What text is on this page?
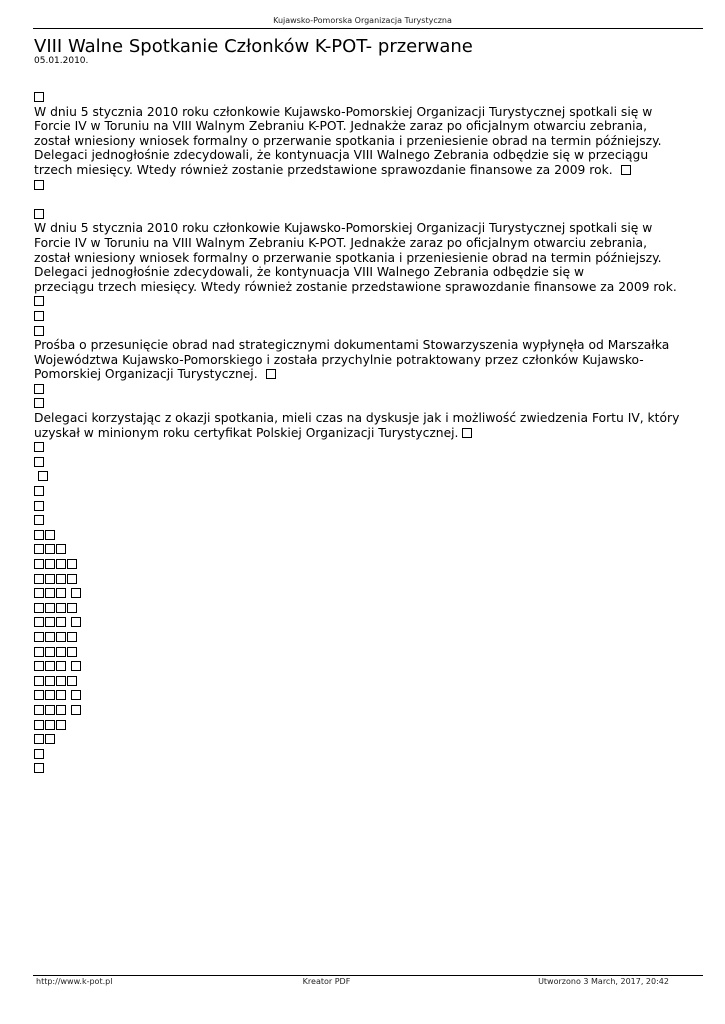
Kujawsko-Pomorska Organizacja Turystyczna
VIII Walne Spotkanie Członków K-POT- przerwane
05.01.2010.
W dniu 5 stycznia 2010 roku członkowie Kujawsko-Pomorskiej Organizacji Turystycznej spotkali się w
Forcie IV w Toruniu na VIII Walnym Zebraniu K-POT. Jednakże zaraz po oficjalnym otwarciu zebrania,
został wniesiony wniosek formalny o przerwanie spotkania i przeniesienie obrad na termin późniejszy.
Delegaci jednogłośnie zdecydowali, że kontynuacja VIII Walnego Zebrania odbędzie się w przeciągu
trzech miesięcy. Wtedy również zostanie przedstawione sprawozdanie finansowe za 2009 rok.
W dniu 5 stycznia 2010 roku członkowie Kujawsko-Pomorskiej Organizacji Turystycznej spotkali się w
Forcie IV w Toruniu na VIII Walnym Zebraniu K-POT. Jednakże zaraz po oficjalnym otwarciu zebrania,
został wniesiony wniosek formalny o przerwanie spotkania i przeniesienie obrad na termin późniejszy.
Delegaci jednogłośnie zdecydowali, że kontynuacja VIII Walnego Zebrania odbędzie się w
przeciągu trzech miesięcy. Wtedy również zostanie przedstawione sprawozdanie finansowe za 2009 rok.
Prośba o przesunięcie obrad nad strategicznymi dokumentami Stowarzyszenia wypłynęła od Marszałka
Województwa Kujawsko-Pomorskiego i została przychylnie potraktowany przez członków Kujawsko-
Pomorskiej Organizacji Turystycznej.
Delegaci korzystając z okazji spotkania, mieli czas na dyskusje jak i możliwość zwiedzenia Fortu IV, który
uzyskał w minionym roku certyfikat Polskiej Organizacji Turystycznej.
http://www.k-pot.pl	Kreator PDF	Utworzono 3 March, 2017, 20:42
